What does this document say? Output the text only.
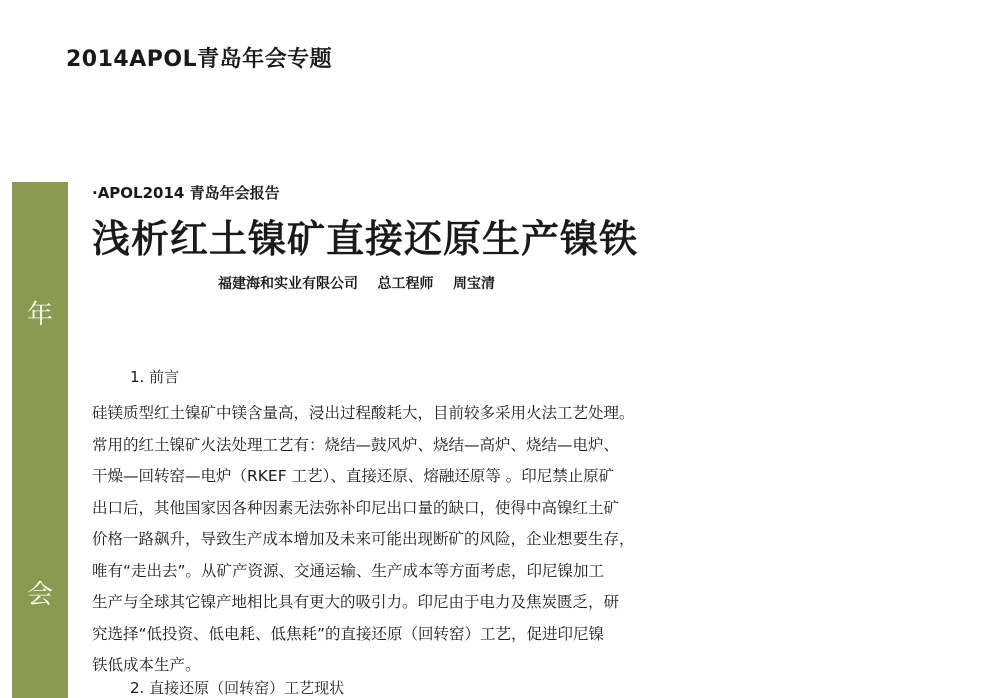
2014APOL青岛年会专题
年
会
·APOL2014 青岛年会报告
浅析红土镍矿直接还原生产镍铁
福建海和实业有限公司    总工程师    周宝清
1. 前言
硅镁质型红土镍矿中镁含量高，浸出过程酸耗大，目前较多采用火法工艺处理。
常用的红土镍矿火法处理工艺有：烧结—鼓风炉、烧结—高炉、烧结—电炉、
干燥—回转窑—电炉（RKEF 工艺）、直接还原、熔融还原等 。印尼禁止原矿
出口后，其他国家因各种因素无法弥补印尼出口量的缺口，使得中高镍红土矿
价格一路飙升，导致生产成本增加及未来可能出现断矿的风险，企业想要生存，
唯有“走出去”。从矿产资源、交通运输、生产成本等方面考虑，印尼镍加工
生产与全球其它镍产地相比具有更大的吸引力。印尼由于电力及焦炭匮乏，研
究选择“低投资、低电耗、低焦耗”的直接还原（回转窑）工艺，促进印尼镍
铁低成本生产。
2. 直接还原（回转窑）工艺现状
